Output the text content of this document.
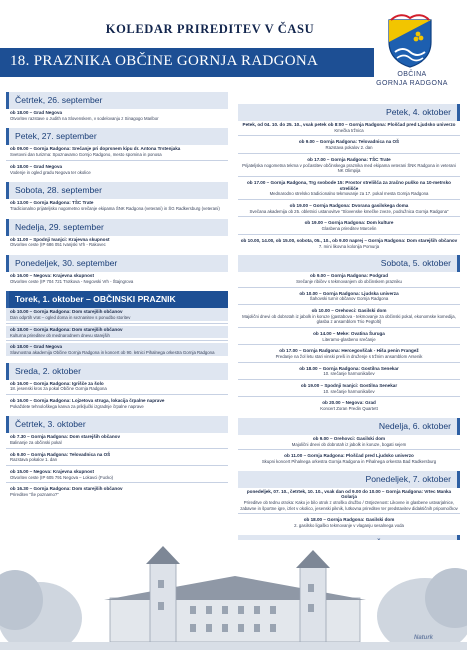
KOLEDAR PRIREDITEV V ČASU
18. PRAZNIKA OBČINE GORNJA RADGONA
OBČINA
GORNJA RADGONA
Četrtek, 26. september
ob 18.00 – Grad Negova
Otvoritev razstave o Judith na Slovenskem, v sodelovanju z Sinagogo Maribor
Petek, 27. september
ob 09.00 – Gornja Radgona: Srečanje pri doprsnem kipu dr. Antona Trstenjaka
Svetovni dan turizma: Spoznavamo Gornjo Radgono, mesto spomina in ponosa
ob 18.00 – Grad Negova
Vodenje in ogled gradu Negova ter okolice
Sobota, 28. september
ob 13.00 – Gornja Radgona: TŠC Trate
Tradicionalno prijateljsko nogometno srečanje ekipama ŠNK Radgona (veterani) in ŠG Radkersburg (veterani)
Nedelja, 29. september
ob 11.00 – Spodnji Ivanjci: Krajevna skupnost
Otvoritev ceste (IP 686 051 Ivanjski Vrh - Rakovec
Ponedeljek, 30. september
ob 16.00 – Negova: Krajevna skupnost
Otvoritev ceste (IP 704 721 Trotkova - Negovski Vrh - Štajngrova
Torek, 1. oktober – OBČINSKI PRAZNIK
ob 10.00 – Gornja Radgona: Dom starejših občanov
Dan odprtih vrat – ogled doma in seznanitev s ponudbo storitev
ob 18.00 – Gornja Radgona: Dom starejših občanov
Kulturna prireditev ob mednarodnem dnevu starejših
ob 18.00 – Grad Negova
Slavnostna akademija Občine Gornja Radgona in koncert ob 90. letnici Pihalnega orkestra Gornja Radgona
Sreda, 2. oktober
ob 16.00 – Gornja Radgona: Igrišče za šolo
18. jesenski kros za pokal Občine Gornja Radgona
ob 16.00 – Gornja Radgona: Lojzetova struga, lokacija črpalne naprave
Pokaždete tehnološkega kanva za priključki izgradnje črpalne naprave
Četrtek, 3. oktober
ob 7.30 – Gornja Radgona: Dom starejših občanov
Balinanje za občinski pokal
ob 9.00 – Gornja Radgona: Telovadnica na OŠ
Razstava pokalov 1. dan
ob 15.00 – Negova: Krajevna skupnost
Otvoritev ceste (IP 605 791 Negova – Lokavci (Fucko)
ob 16.30 – Gornja Radgona: Dom starejših občanov
Prireditev “Še poznamo?”
Petek, 4. oktober
Petek, od 04. 10. do 25. 10., vsak petek ob 8:00 – Gornja Radgona: Ploščad pred Ljudsko univerzo
Kmečka tržnica
ob 9.00 – Gornja Radgona: Telovadnica na OŠ
Razstava pokalov 2. dan
ob 17.00 – Gornja Radgona: TŠC Trate
Prijateljska nogometna tekma v počastitev občinskega praznika med ekipama veterani ŠNK Radgona in veterani NK Olimpija
ob 17.00 – Gornja Radgona, Trg svobode 15: Prostor strelišča za zračno puško na 10-metrsko strelišče
Mednarodno strelsko tradicionalno tekmovanje za 17. pokal mesta Gornja Radgona
ob 19.00 – Gornja Radgona: Dvorana gasilskega doma
Svečana akademija ob 25. obletnici ustanovitve “Slovenske kmečke zveze, podružnica Gornja Radgona”
ob 19.00 – Gornja Radgona: Dom kulture
Glasbena prireditev Marcelin
ob 10.00, 14.00, ob 15.00, sobota, 05., 10., ob 9.00 naprej – Gornja Radgona: Dom starejših občanov
7. mini likovna kolonija Pomurja
Sobota, 5. oktober
ob 9.00 – Gornja Radgona: Podgrad
Srečanje ribičev s tekmovanjem ob občinskem prazniku
ob 10.00 – Gornja Radgona: Ljudska univerza
Šahovski turnir občanov Gornja Radgona
ob 10.00 – Orehovci: Gasilski dom
Majolični dnevi ob dobrotah iz jabolk in koruze (gastabova - tekmovanje za občinski pokal, ekonomske komedija, glasba z ansamblom Trio Pegtolti)
ob 14.00 – Meke: Ovatina Šuruga
Literarno-glasbeno srečanje
ob 17.00 – Gornja Radgona: Hercegovščak - Hiša penin Frangež
Predanje na žol letu stari vinski preši in druženje s tržnim ansamblom Arsenik
ob 18.00 – Gornja Radgona: Gostilna Senekar
10. srečanje harmonikašev
ob 19.00 – Spodnji Ivanjci: Gostilna Senekar
10. srečanje harmonikašev
ob 20.00 – Negova: Grad
Koncert Zoran Predin Quartett
Nedelja, 6. oktober
ob 9.00 – Orehovci: Gasilski dom
Majolični dnevi ob dobrotah iz jabolk in koruze, bogati sejem
ob 11.00 – Gornja Radgona: Ploščad pred Ljudsko univerzo
Skupni koncert Pihalnega orkestra Gornja Radgona in Pihalnega orkestra Bad Radkersburg
Ponedeljek, 7. oktober
ponedeljek, 07. 10., četrtek, 10. 10., vsak dan od 9.00 do 10.00 – Gornja Radgona: Vrtec Manka Golarja
Prireditve ob tednu otroka: Kako je bilo otrok z otroško družbo / Ostjezenost: Likovne in glasbene ustvarjalnice, zabavne in športne igre, izlet v okolico, jesenski piknik, lutkovna prireditev ter predstavitev didaktičnih pripomočkov
ob 18.00 – Gornja Radgona: Gasilski dom
2. gasilsko ligaško tekmovanje v vlaganju sesalnega voda
Naturk
